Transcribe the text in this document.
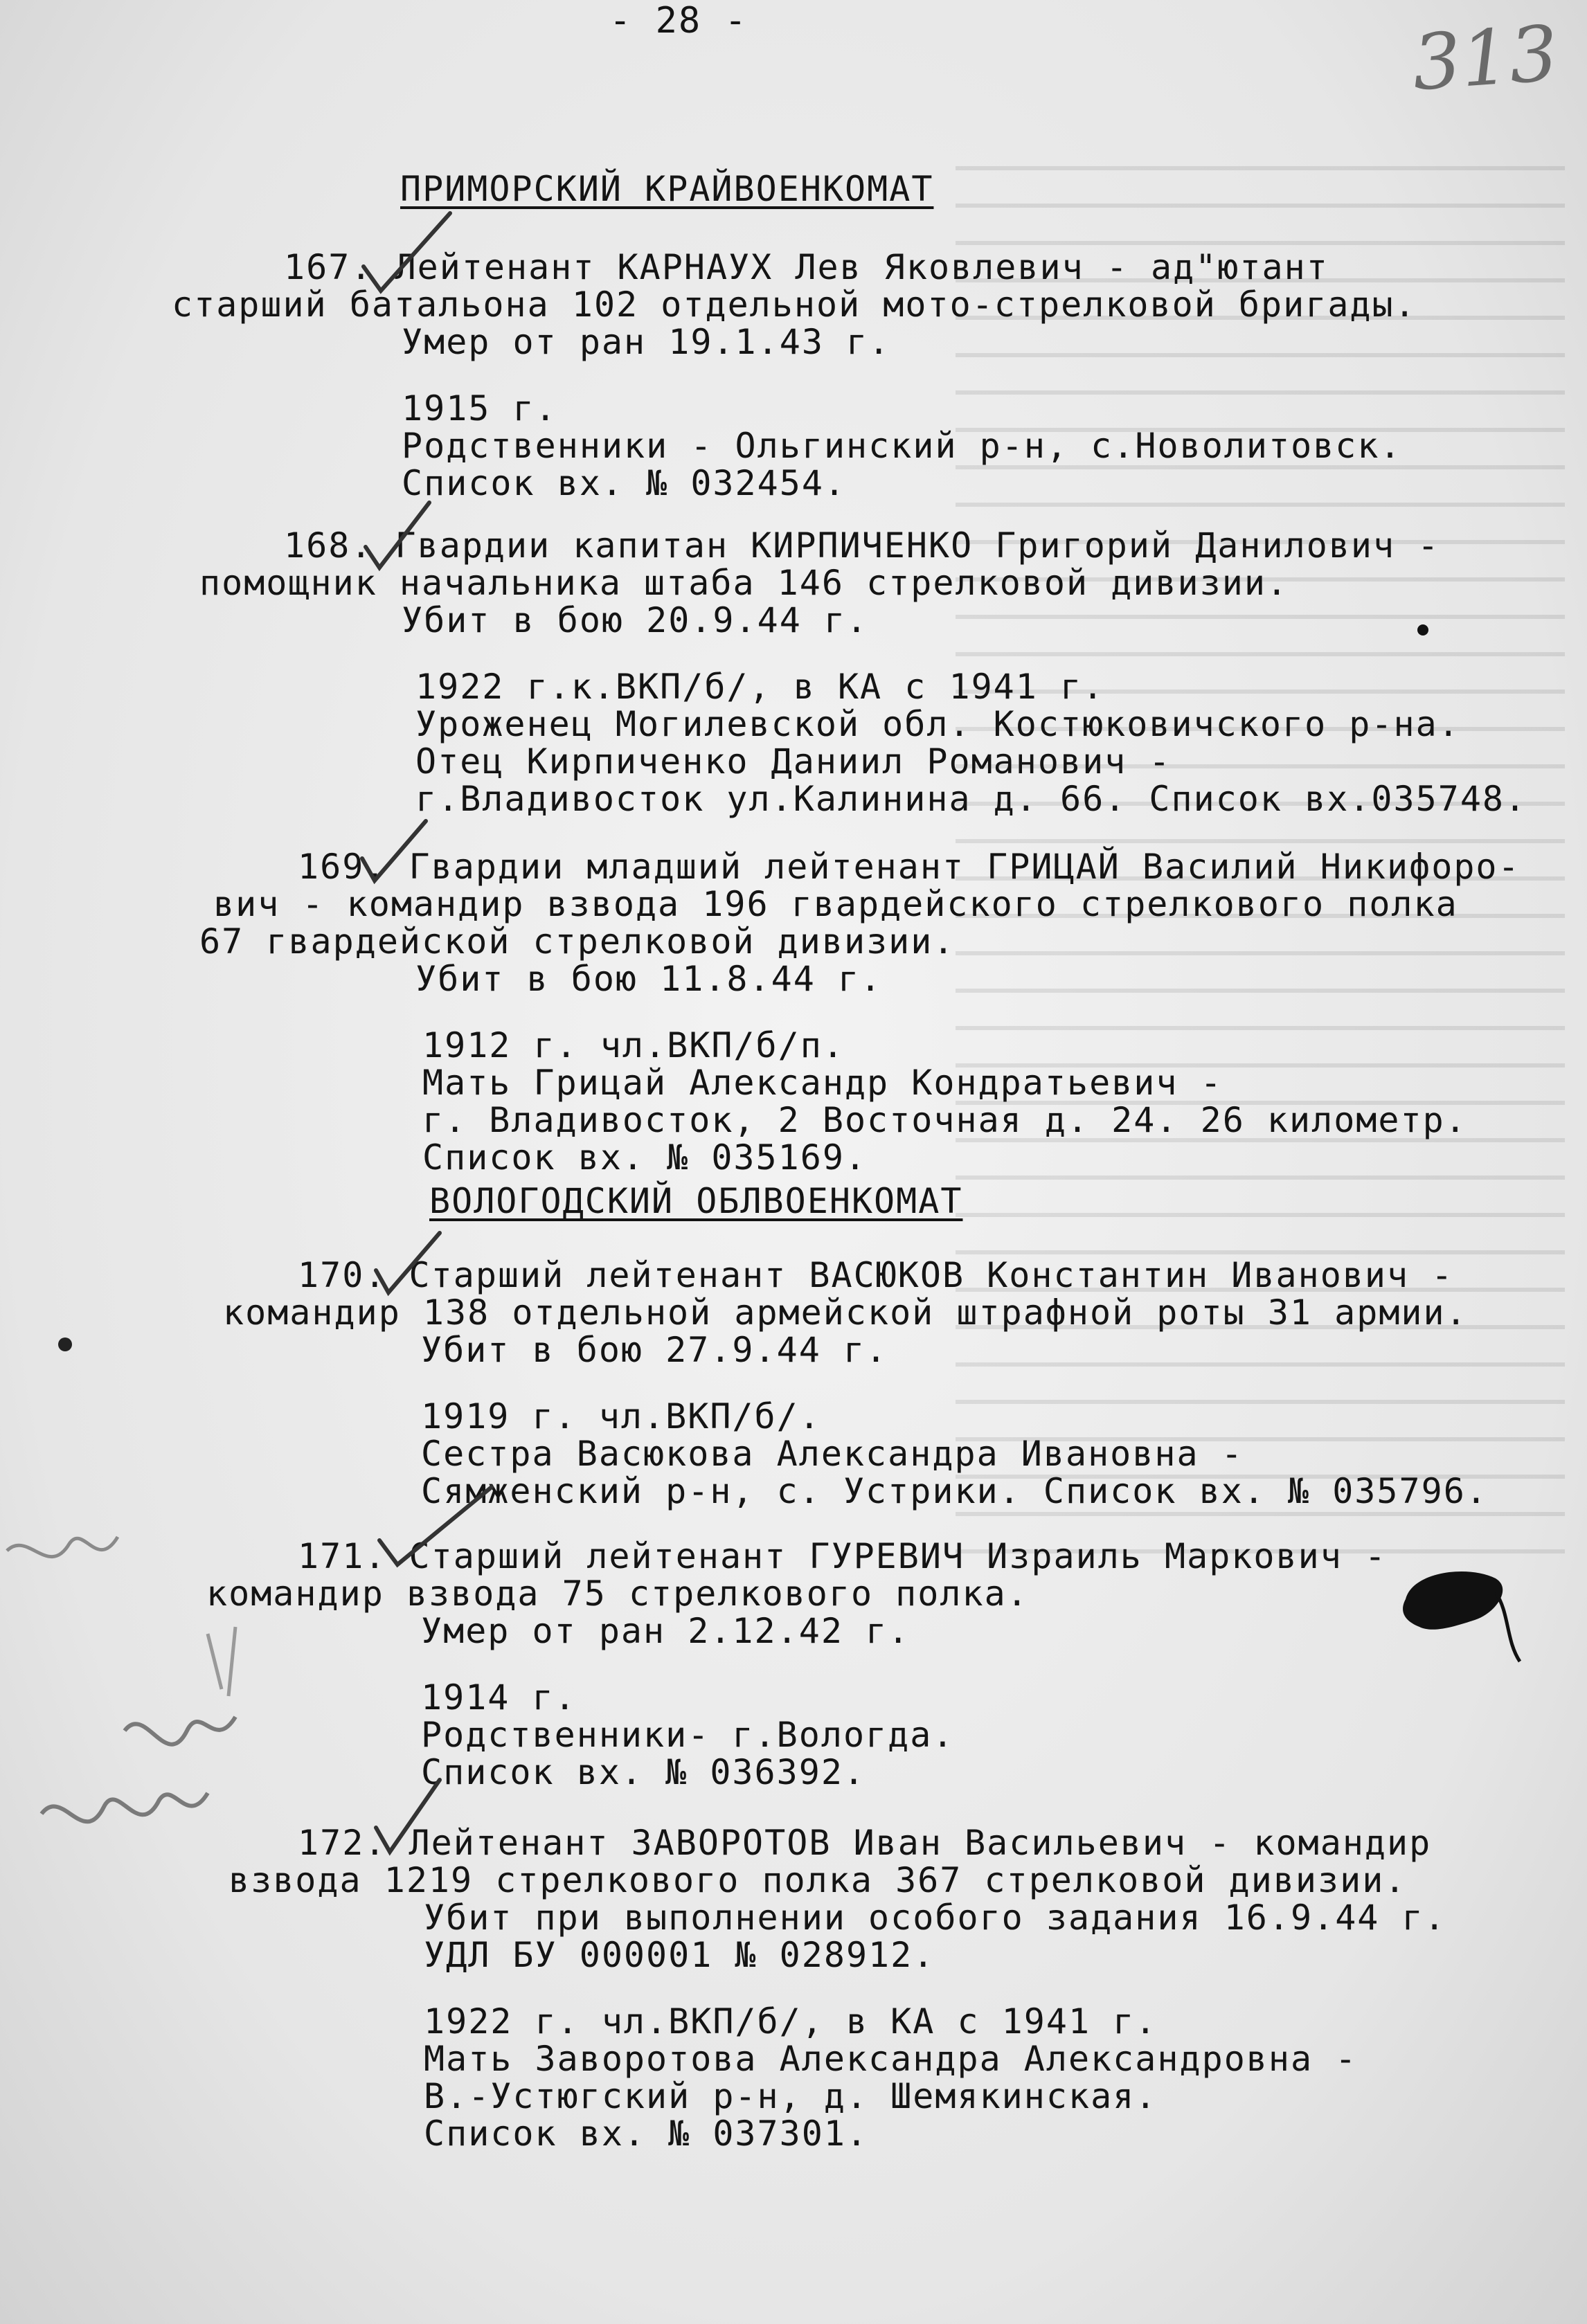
- 28 -	313
ПРИМОРСКИЙ КРАЙВОЕНКОМАТ
167. Лейтенант КАРНАУХ Лев Яковлевич - ад"ютант
старший батальона 102 отдельной мото-стрелковой бригады.
Умер от ран 19.1.43 г.
1915 г.
Родственники - Ольгинский р-н, с.Новолитовск.
Список вх. № 032454.
168. Гвардии капитан КИРПИЧЕНКО Григорий Данилович -
помощник начальника штаба 146 стрелковой дивизии.
Убит в бою 20.9.44 г.
1922 г.к.ВКП/б/, в КА с 1941 г.
Уроженец Могилевской обл. Костюковичского р-на.
Отец Кирпиченко Даниил Романович -
г.Владивосток ул.Калинина д. 66. Список вх.035748.
169. Гвардии младший лейтенант ГРИЦАЙ Василий Никифоро-
вич - командир взвода 196 гвардейского стрелкового полка
67 гвардейской стрелковой дивизии.
Убит в бою 11.8.44 г.
1912 г. чл.ВКП/б/п.
Мать Грицай Александр Кондратьевич -
г. Владивосток, 2 Восточная д. 24. 26 километр.
Список вх. № 035169.
ВОЛОГОДСКИЙ ОБЛВОЕНКОМАТ
170. Старший лейтенант ВАСЮКОВ Константин Иванович -
командир 138 отдельной армейской штрафной роты 31 армии.
Убит в бою 27.9.44 г.
1919 г. чл.ВКП/б/.
Сестра Васюкова Александра Ивановна -
Сямженский р-н, с. Устрики. Список вх. № 035796.
171. Старший лейтенант ГУРЕВИЧ Израиль Маркович -
командир взвода 75 стрелкового полка.
Умер от ран 2.12.42 г.
1914 г.
Родственники- г.Вологда.
Список вх. № 036392.
172. Лейтенант ЗАВОРОТОВ Иван Васильевич - командир
взвода 1219 стрелкового полка 367 стрелковой дивизии.
Убит при выполнении особого задания 16.9.44 г.
УДЛ БУ 000001 № 028912.
1922 г. чл.ВКП/б/, в КА с 1941 г.
Мать Заворотова Александра Александровна -
В.-Устюгский р-н, д. Шемякинская.
Список вх. № 037301.
